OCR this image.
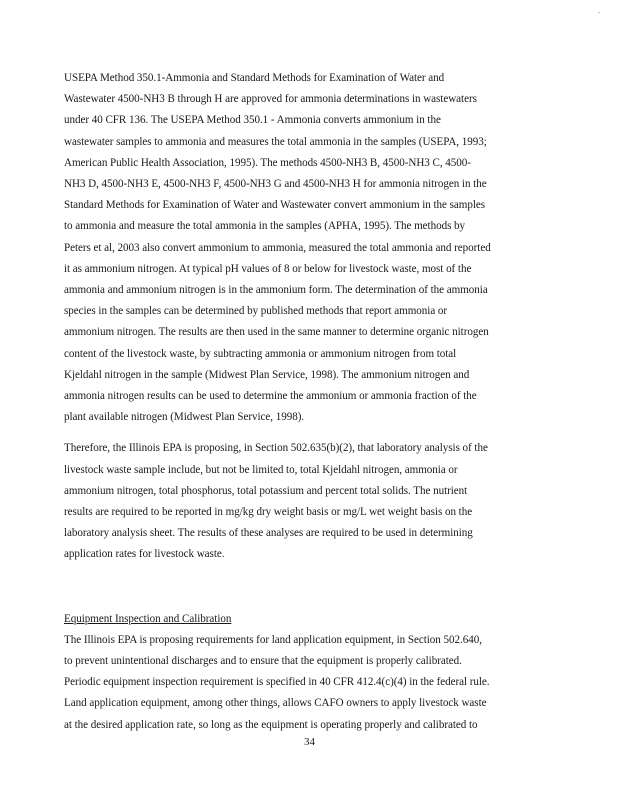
.
USEPA Method 350.1-Ammonia and Standard Methods for Examination of Water and
Wastewater 4500-NH3 B through H are approved for ammonia determinations in wastewaters
under 40 CFR 136. The USEPA Method 350.1 - Ammonia converts ammonium in the
wastewater samples to ammonia and measures the total ammonia in the samples (USEPA, 1993;
American Public Health Association, 1995). The methods 4500-NH3 B, 4500-NH3 C, 4500-
NH3 D, 4500-NH3 E, 4500-NH3 F, 4500-NH3 G and 4500-NH3 H for ammonia nitrogen in the
Standard Methods for Examination of Water and Wastewater convert ammonium in the samples
to ammonia and measure the total ammonia in the samples (APHA, 1995). The methods by
Peters et al, 2003 also convert ammonium to ammonia, measured the total ammonia and reported
it as ammonium nitrogen. At typical pH values of 8 or below for livestock waste, most of the
ammonia and ammonium nitrogen is in the ammonium form. The determination of the ammonia
species in the samples can be determined by published methods that report ammonia or
ammonium nitrogen. The results are then used in the same manner to determine organic nitrogen
content of the livestock waste, by subtracting ammonia or ammonium nitrogen from total
Kjeldahl nitrogen in the sample (Midwest Plan Service, 1998). The ammonium nitrogen and
ammonia nitrogen results can be used to determine the ammonium or ammonia fraction of the
plant available nitrogen (Midwest Plan Service, 1998).
Therefore, the Illinois EPA is proposing, in Section 502.635(b)(2), that laboratory analysis of the
livestock waste sample include, but not be limited to, total Kjeldahl nitrogen, ammonia or
ammonium nitrogen, total phosphorus, total potassium and percent total solids. The nutrient
results are required to be reported in mg/kg dry weight basis or mg/L wet weight basis on the
laboratory analysis sheet. The results of these analyses are required to be used in determining
application rates for livestock waste.
Equipment Inspection and Calibration
The Illinois EPA is proposing requirements for land application equipment, in Section 502.640,
to prevent unintentional discharges and to ensure that the equipment is properly calibrated.
Periodic equipment inspection requirement is specified in 40 CFR 412.4(c)(4) in the federal rule.
Land application equipment, among other things, allows CAFO owners to apply livestock waste
at the desired application rate, so long as the equipment is operating properly and calibrated to
34
